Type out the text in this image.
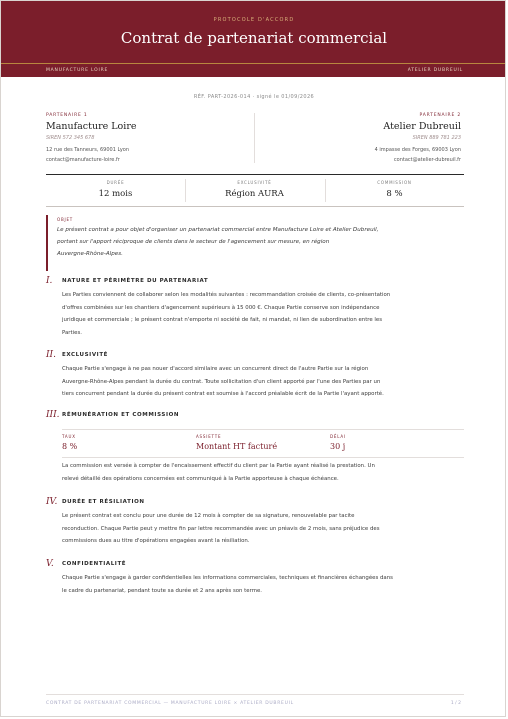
PROTOCOLE D'ACCORD
Contrat de partenariat commercial
MANUFACTURE LOIRE	ATELIER DUBREUIL
RÉF. PART-2026-014 · signé le 01/09/2026
PARTENAIRE 1
Manufacture Loire
SIREN 572 345 678
12 rue des Tanneurs, 69001 Lyon
contact@manufacture-loire.fr
PARTENAIRE 2
Atelier Dubreuil
SIREN 889 781 223
4 impasse des Forges, 69003 Lyon
contact@atelier-dubreuil.fr
DURÉE
12 mois
EXCLUSIVITÉ
Région AURA
COMMISSION
8 %
OBJET
Le présent contrat a pour objet d'organiser un partenariat commercial entre Manufacture Loire et Atelier Dubreuil,
portant sur l'apport réciproque de clients dans le secteur de l'agencement sur mesure, en région
Auvergne-Rhône-Alpes.
I. NATURE ET PÉRIMÈTRE DU PARTENARIAT
Les Parties conviennent de collaborer selon les modalités suivantes : recommandation croisée de clients, co-présentation
d'offres combinées sur les chantiers d'agencement supérieurs à 15 000 €. Chaque Partie conserve son indépendance
juridique et commerciale ; le présent contrat n'emporte ni société de fait, ni mandat, ni lien de subordination entre les
Parties.
II. EXCLUSIVITÉ
Chaque Partie s'engage à ne pas nouer d'accord similaire avec un concurrent direct de l'autre Partie sur la région
Auvergne-Rhône-Alpes pendant la durée du contrat. Toute sollicitation d'un client apporté par l'une des Parties par un
tiers concurrent pendant la durée du présent contrat est soumise à l'accord préalable écrit de la Partie l'ayant apporté.
III. RÉMUNÉRATION ET COMMISSION
TAUX
8 %
ASSIETTE
Montant HT facturé
DÉLAI
30 j
La commission est versée à compter de l'encaissement effectif du client par la Partie ayant réalisé la prestation. Un
relevé détaillé des opérations concernées est communiqué à la Partie apporteuse à chaque échéance.
IV. DURÉE ET RÉSILIATION
Le présent contrat est conclu pour une durée de 12 mois à compter de sa signature, renouvelable par tacite
reconduction. Chaque Partie peut y mettre fin par lettre recommandée avec un préavis de 2 mois, sans préjudice des
commissions dues au titre d'opérations engagées avant la résiliation.
V. CONFIDENTIALITÉ
Chaque Partie s'engage à garder confidentielles les informations commerciales, techniques et financières échangées dans
le cadre du partenariat, pendant toute sa durée et 2 ans après son terme.
CONTRAT DE PARTENARIAT COMMERCIAL — MANUFACTURE LOIRE × ATELIER DUBREUIL	1 / 2
